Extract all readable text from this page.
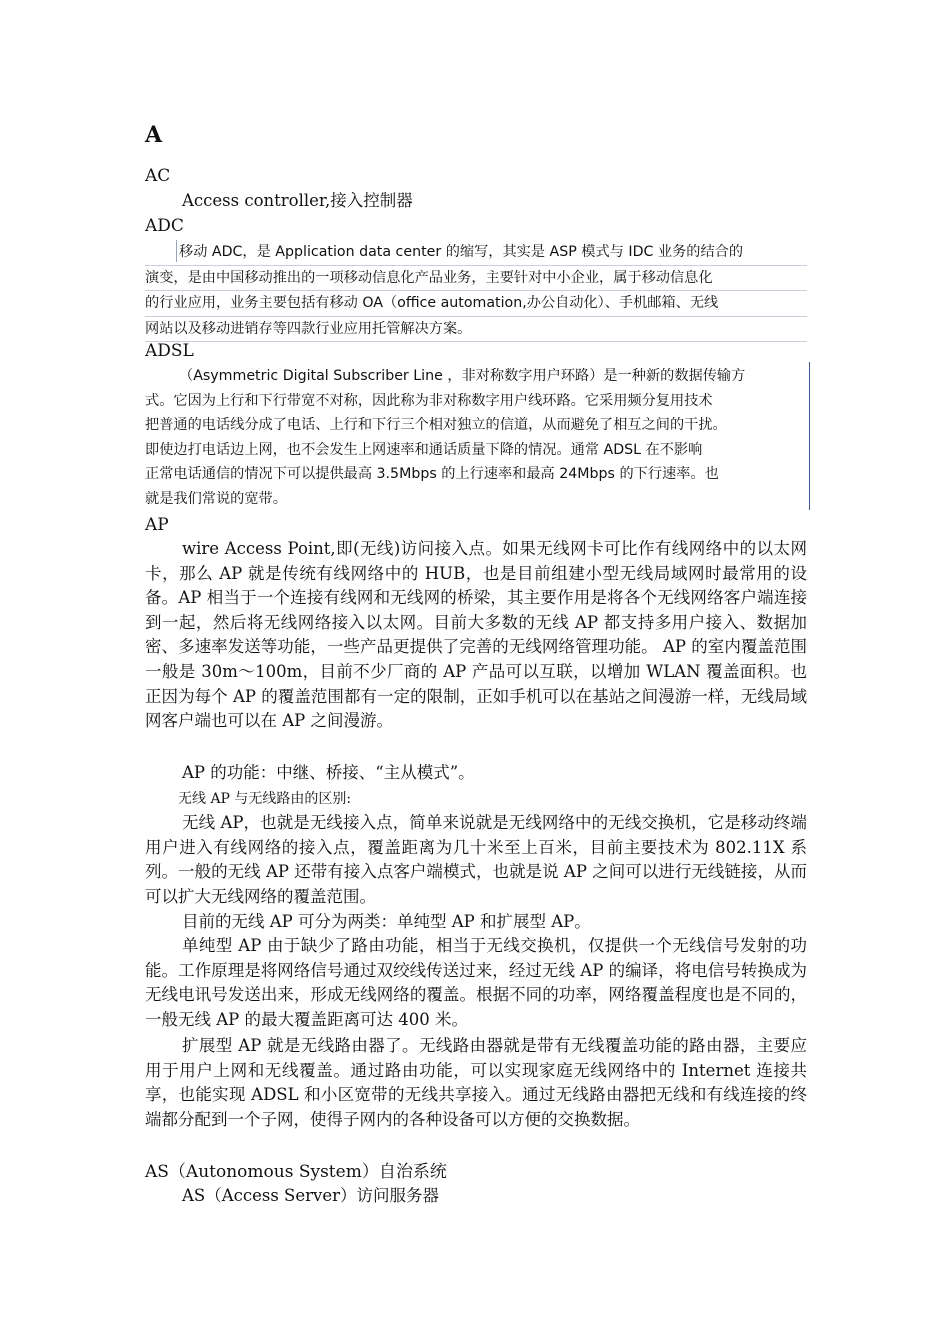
A
AC
Access controller,接入控制器
ADC
移动 ADC，是 Application data center 的缩写，其实是 ASP 模式与 IDC 业务的结合的
演变，是由中国移动推出的一项移动信息化产品业务，主要针对中小企业，属于移动信息化
的行业应用，业务主要包括有移动 OA（office automation,办公自动化）、手机邮箱、无线
网站以及移动进销存等四款行业应用托管解决方案。
ADSL
（Asymmetric Digital Subscriber Line ，非对称数字用户环路）是一种新的数据传输方
式。它因为上行和下行带宽不对称，因此称为非对称数字用户线环路。它采用频分复用技术
把普通的电话线分成了电话、上行和下行三个相对独立的信道，从而避免了相互之间的干扰。
即使边打电话边上网，也不会发生上网速率和通话质量下降的情况。通常 ADSL 在不影响
正常电话通信的情况下可以提供最高 3.5Mbps 的上行速率和最高 24Mbps 的下行速率。也
就是我们常说的宽带。
AP
wire Access Point,即(无线)访问接入点。如果无线网卡可比作有线网络中的以太网卡，那么 AP 就是传统有线网络中的 HUB，也是目前组建小型无线局域网时最常用的设备。AP 相当于一个连接有线网和无线网的桥梁，其主要作用是将各个无线网络客户端连接到一起，然后将无线网络接入以太网。目前大多数的无线 AP 都支持多用户接入、数据加密、多速率发送等功能，一些产品更提供了完善的无线网络管理功能。 AP 的室内覆盖范围一般是 30m～100m，目前不少厂商的 AP 产品可以互联，以增加 WLAN 覆盖面积。也正因为每个 AP 的覆盖范围都有一定的限制，正如手机可以在基站之间漫游一样，无线局域网客户端也可以在 AP 之间漫游。
AP 的功能：中继、桥接、“主从模式”。
无线 AP 与无线路由的区别:
无线 AP，也就是无线接入点，简单来说就是无线网络中的无线交换机，它是移动终端用户进入有线网络的接入点，覆盖距离为几十米至上百米，目前主要技术为 802.11X 系列。一般的无线 AP 还带有接入点客户端模式，也就是说 AP 之间可以进行无线链接，从而可以扩大无线网络的覆盖范围。
目前的无线 AP 可分为两类：单纯型 AP 和扩展型 AP。
单纯型 AP 由于缺少了路由功能，相当于无线交换机，仅提供一个无线信号发射的功能。工作原理是将网络信号通过双绞线传送过来，经过无线 AP 的编译，将电信号转换成为无线电讯号发送出来，形成无线网络的覆盖。根据不同的功率，网络覆盖程度也是不同的，一般无线 AP 的最大覆盖距离可达 400 米。
扩展型 AP 就是无线路由器了。无线路由器就是带有无线覆盖功能的路由器，主要应用于用户上网和无线覆盖。通过路由功能，可以实现家庭无线网络中的 Internet 连接共享，也能实现 ADSL 和小区宽带的无线共享接入。通过无线路由器把无线和有线连接的终端都分配到一个子网，使得子网内的各种设备可以方便的交换数据。
AS（Autonomous System）自治系统
AS（Access Server）访问服务器
